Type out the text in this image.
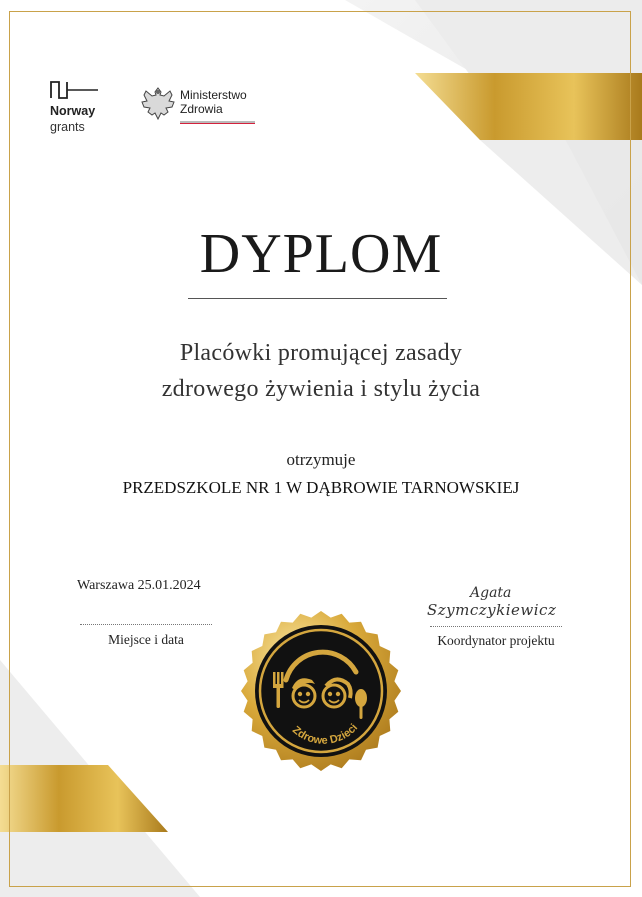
Norway
grants
Ministerstwo
Zdrowia
DYPLOM
Placówki promującej zasady
zdrowego żywienia i stylu życia
otrzymuje
PRZEDSZKOLE NR 1 W DĄBROWIE TARNOWSKIEJ
Warszawa 25.01.2024
Miejsce i data
Agata
Szymczykiewicz
Koordynator projektu
Zdrowe Dzieci
